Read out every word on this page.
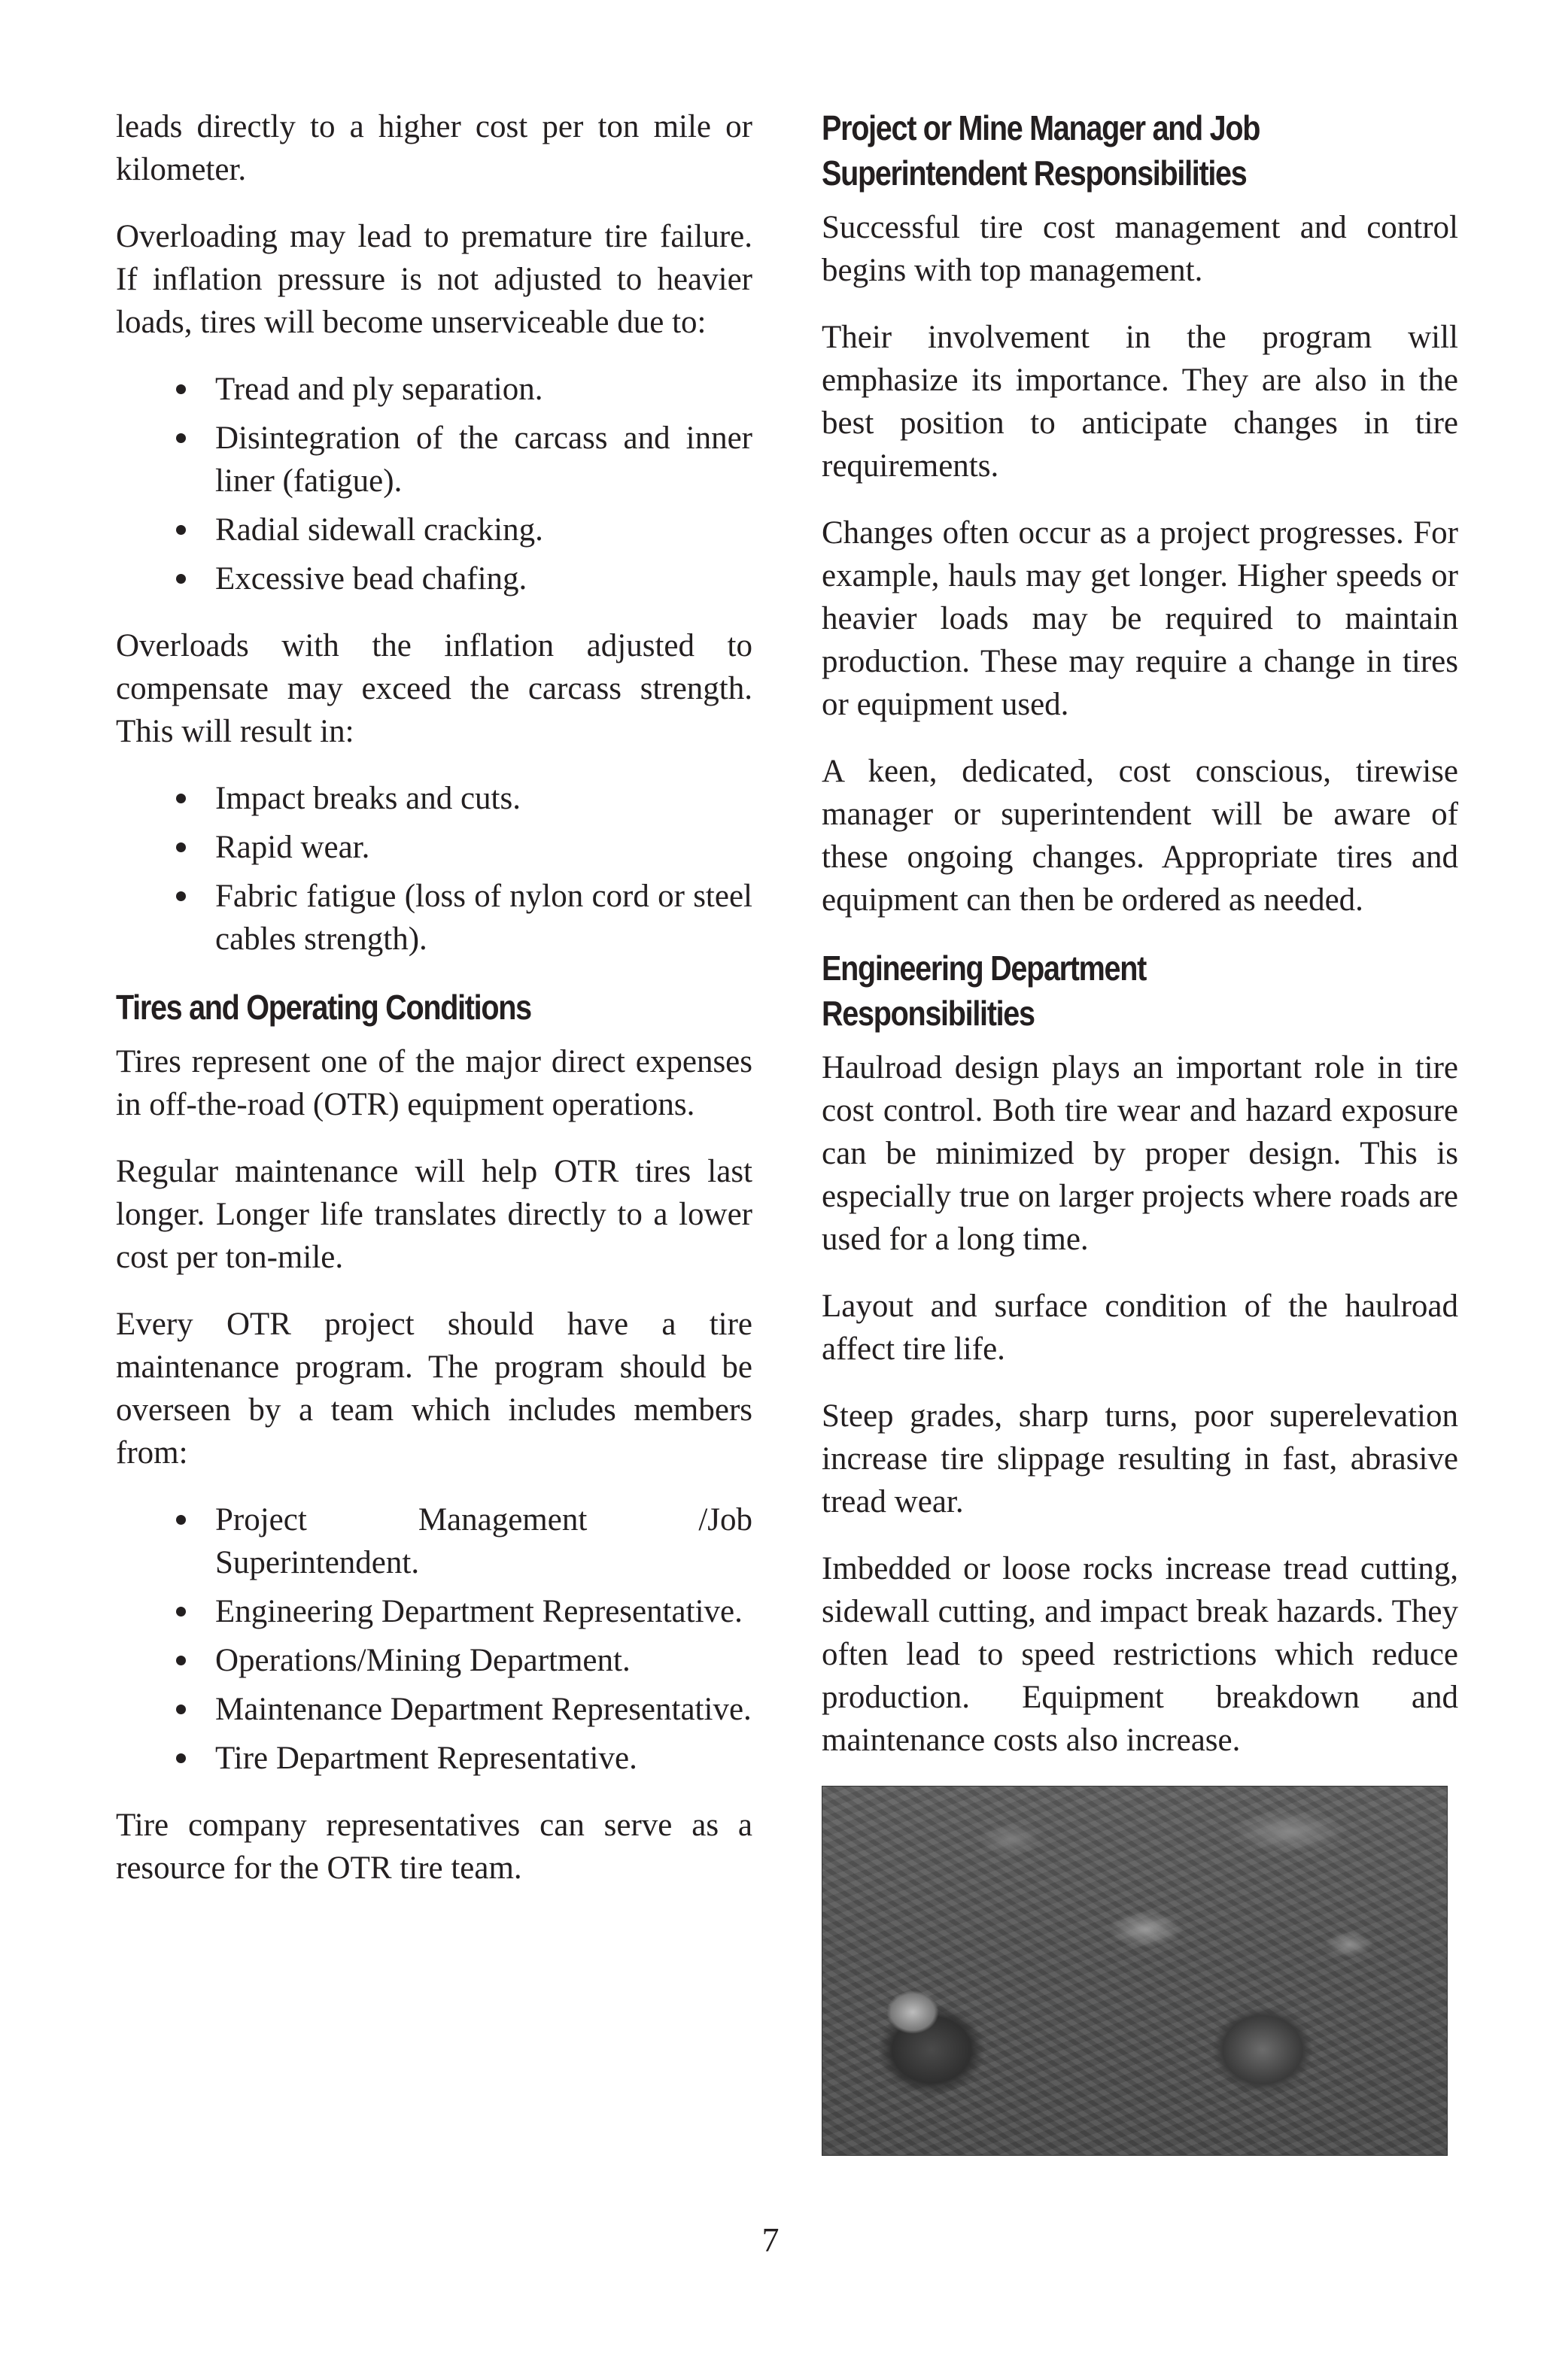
leads directly to a higher cost per ton mile or kilometer.

Overloading may lead to premature tire failure. If inflation pressure is not adjusted to heavier loads, tires will become unserviceable due to:

Tread and ply separation.
Disintegration of the carcass and inner liner (fatigue).
Radial sidewall cracking.
Excessive bead chafing.

Overloads with the inflation adjusted to compensate may exceed the carcass strength. This will result in:

Impact breaks and cuts.
Rapid wear.
Fabric fatigue (loss of nylon cord or steel cables strength).
Tires and Operating Conditions

Tires represent one of the major direct expenses in off-the-road (OTR) equipment operations.

Regular maintenance will help OTR tires last longer. Longer life translates directly to a lower cost per ton-mile.

Every OTR project should have a tire maintenance program. The program should be overseen by a team which includes members from:

Project Management /Job Superintendent.
Engineering Department Representative.
Operations/Mining Department.
Maintenance Department Representative.
Tire Department Representative.

Tire company representatives can serve as a resource for the OTR tire team.

Project or Mine Manager and Job
Superintendent Responsibilities

Successful tire cost management and control begins with top management.

Their involvement in the program will emphasize its importance. They are also in the best position to anticipate changes in tire requirements.

Changes often occur as a project progresses. For example, hauls may get longer. Higher speeds or heavier loads may be required to maintain production. These may require a change in tires or equipment used.

A keen, dedicated, cost conscious, tirewise manager or superintendent will be aware of these ongoing changes. Appropriate tires and equipment can then be ordered as needed.

Engineering Department
Responsibilities

Haulroad design plays an important role in tire cost control. Both tire wear and hazard exposure can be minimized by proper design. This is especially true on larger projects where roads are used for a long time.

Layout and surface condition of the haulroad affect tire life.

Steep grades, sharp turns, poor superelevation increase tire slippage resulting in fast, abrasive tread wear.

Imbedded or loose rocks increase tread cutting, sidewall cutting, and impact break hazards. They often lead to speed restrictions which reduce production. Equipment breakdown and maintenance costs also increase.

7
